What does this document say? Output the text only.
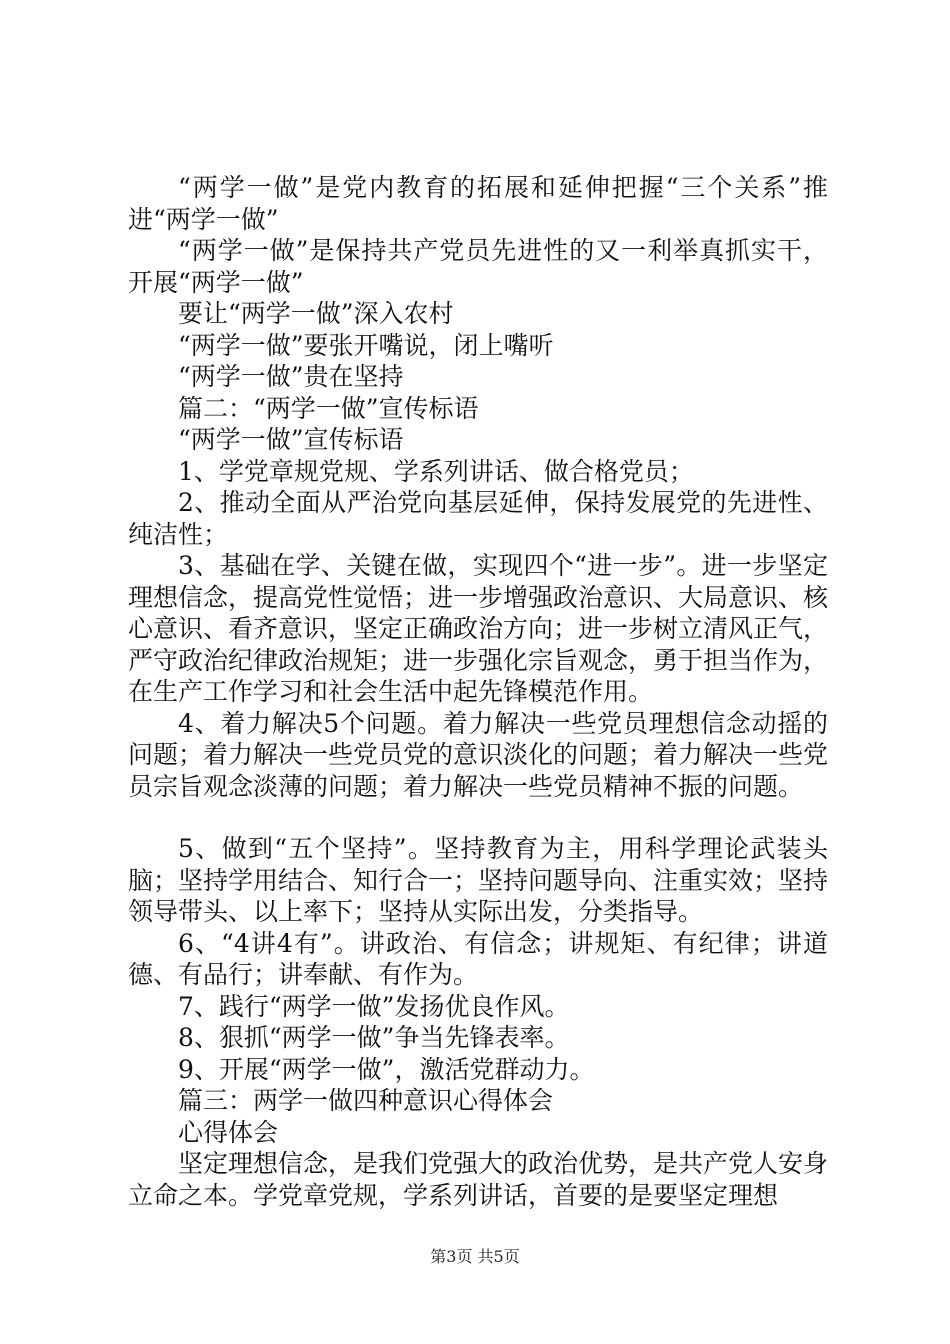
“两学一做”是党内教育的拓展和延伸把握“三个关系”推进“两学一做”

“两学一做”是保持共产党员先进性的又一利举真抓实干，开展“两学一做”

要让“两学一做”深入农村

“两学一做”要张开嘴说，闭上嘴听

“两学一做”贵在坚持

篇二：“两学一做”宣传标语

“两学一做”宣传标语

1、学党章规党规、学系列讲话、做合格党员；

2、推动全面从严治党向基层延伸，保持发展党的先进性、纯洁性；

3、基础在学、关键在做，实现四个“进一步”。进一步坚定理想信念，提高党性觉悟；进一步增强政治意识、大局意识、核心意识、看齐意识，坚定正确政治方向；进一步树立清风正气，严守政治纪律政治规矩；进一步强化宗旨观念，勇于担当作为，在生产工作学习和社会生活中起先锋模范作用。

4、着力解决5个问题。着力解决一些党员理想信念动摇的问题；着力解决一些党员党的意识淡化的问题；着力解决一些党员宗旨观念淡薄的问题；着力解决一些党员精神不振的问题。

5、做到“五个坚持”。坚持教育为主，用科学理论武装头脑；坚持学用结合、知行合一；坚持问题导向、注重实效；坚持领导带头、以上率下；坚持从实际出发，分类指导。

6、“4讲4有”。讲政治、有信念；讲规矩、有纪律；讲道德、有品行；讲奉献、有作为。

7、践行“两学一做”发扬优良作风。

8、狠抓“两学一做”争当先锋表率。

9、开展“两学一做”，激活党群动力。

篇三：两学一做四种意识心得体会

心得体会

坚定理想信念，是我们党强大的政治优势，是共产党人安身立命之本。学党章党规，学系列讲话，首要的是要坚定理想

第3页 共5页
